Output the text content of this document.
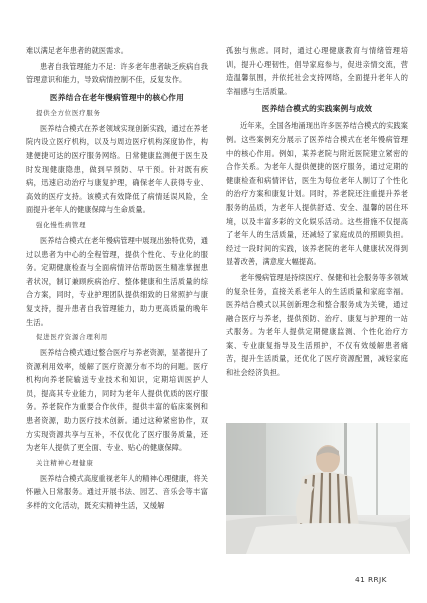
难以满足老年患者的就医需求。

患者自我管理能力不足：许多老年患者缺乏疾病自我管理意识和能力，导致病情控制不佳，反复发作。

医养结合在老年慢病管理中的核心作用
提供全方位医疗服务

医养结合模式在养老领域实现创新实践，通过在养老院内设立医疗机构，以及与周边医疗机构深度协作，构建便捷可达的医疗服务网络。日常健康监测便于医生及时发现健康隐患，做到早预防、早干预。针对既有疾病，迅速启动治疗与康复护理，确保老年人获得专业、高效的医疗支持。该模式有效降低了病情延误风险，全面提升老年人的健康保障与生命质量。

强化慢性病管理

医养结合模式在老年慢病管理中展现出独特优势，通过以患者为中心的全程管理，提供个性化、专业化的服务。定期健康检查与全面病情评估帮助医生精准掌握患者状况，制订兼顾疾病治疗、整体健康和生活质量的综合方案，同时，专业护理团队提供细致的日常照护与康复支持，提升患者自我管理能力，助力更高质量的晚年生活。

促进医疗资源合理利用

医养结合模式通过整合医疗与养老资源，显著提升了资源利用效率，缓解了医疗资源分布不均的问题。医疗机构向养老院输送专业技术和知识，定期培训医护人员，提高其专业能力，同时为老年人提供优质的医疗服务。养老院作为重要合作伙伴，提供丰富的临床案例和患者资源，助力医疗技术创新。通过这种紧密协作，双方实现资源共享与互补，不仅优化了医疗服务质量，还为老年人提供了更全面、专业、贴心的健康保障。

关注精神心理健康

医养结合模式高度重视老年人的精神心理健康，将关怀融入日常服务。通过开展书法、园艺、音乐会等丰富多样的文化活动，既充实精神生活，又缓解

孤独与焦虑。同时，通过心理健康教育与情绪管理培训，提升心理韧性，倡导家庭参与，促进亲情交流，营造温馨氛围，并依托社会支持网络，全面提升老年人的幸福感与生活质量。

医养结合模式的实践案例与成效

近年来，全国各地涌现出许多医养结合模式的实践案例。这些案例充分展示了医养结合模式在老年慢病管理中的核心作用。例如，某养老院与附近医院建立紧密的合作关系。为老年人提供便捷的医疗服务，通过定期的健康检查和病情评估，医生为每位老年人制订了个性化的治疗方案和康复计划。同时，养老院还注重提升养老服务的品质，为老年人提供舒适、安全、温馨的居住环境，以及丰富多彩的文化娱乐活动。这些措施不仅提高了老年人的生活质量，还减轻了家庭成员的照顾负担。经过一段时间的实践，该养老院的老年人健康状况得到显著改善，满意度大幅提高。

老年慢病管理是持续医疗、保健和社会服务等多领域的复杂任务，直接关系老年人的生活质量和家庭幸福。医养结合模式以其创新理念和整合服务成为关键，通过融合医疗与养老，提供预防、治疗、康复与护理的一站式服务。为老年人提供定期健康监测、个性化治疗方案、专业康复指导及生活照护，不仅有效缓解患者痛苦，提升生活质量，还优化了医疗资源配置，减轻家庭和社会经济负担。

41 RRJK
